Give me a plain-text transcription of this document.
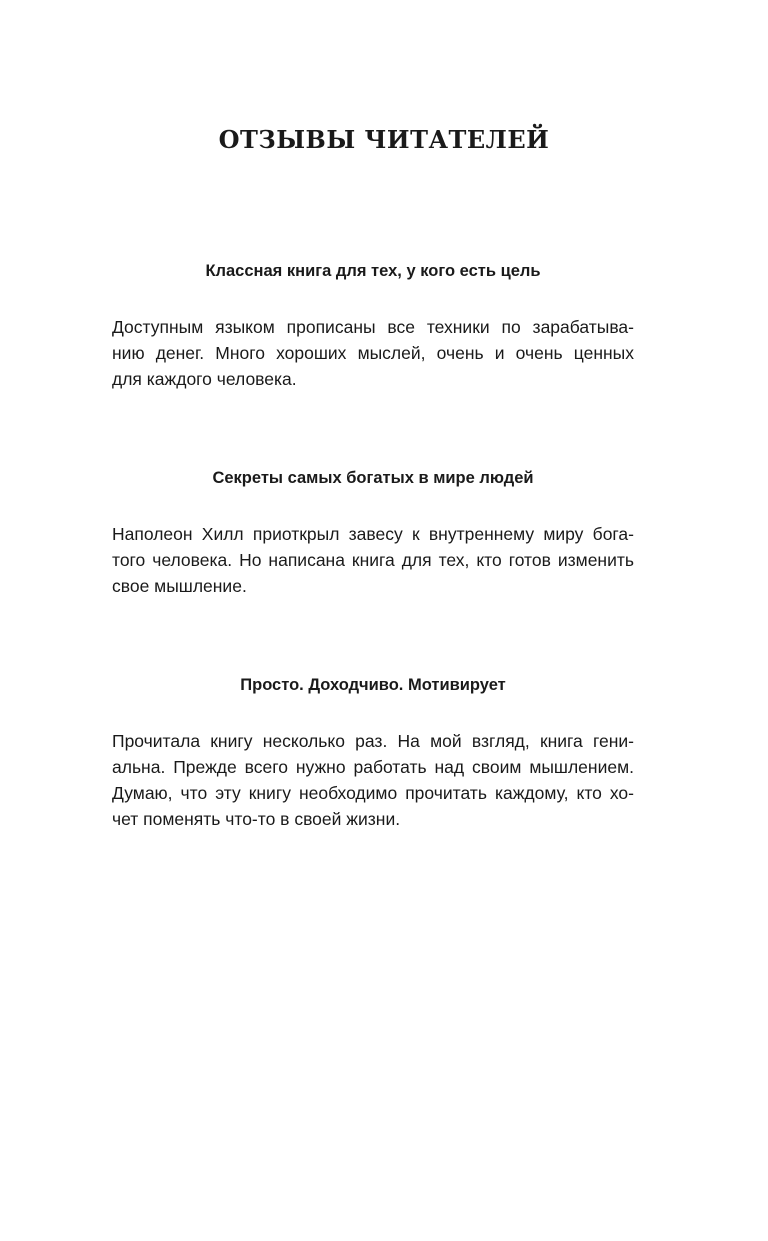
ОТЗЫВЫ ЧИТАТЕЛЕЙ
Классная книга для тех, у кого есть цель

Доступным языком прописаны все техники по зарабатыва-
нию денег. Много хороших мыслей, очень и очень ценных
для каждого человека.

Секреты самых богатых в мире людей

Наполеон Хилл приоткрыл завесу к внутреннему миру бога-
того человека. Но написана книга для тех, кто готов изменить
свое мышление.

Просто. Доходчиво. Мотивирует

Прочитала книгу несколько раз. На мой взгляд, книга гени-
альна. Прежде всего нужно работать над своим мышлением.
Думаю, что эту книгу необходимо прочитать каждому, кто хо-
чет поменять что-то в своей жизни.
